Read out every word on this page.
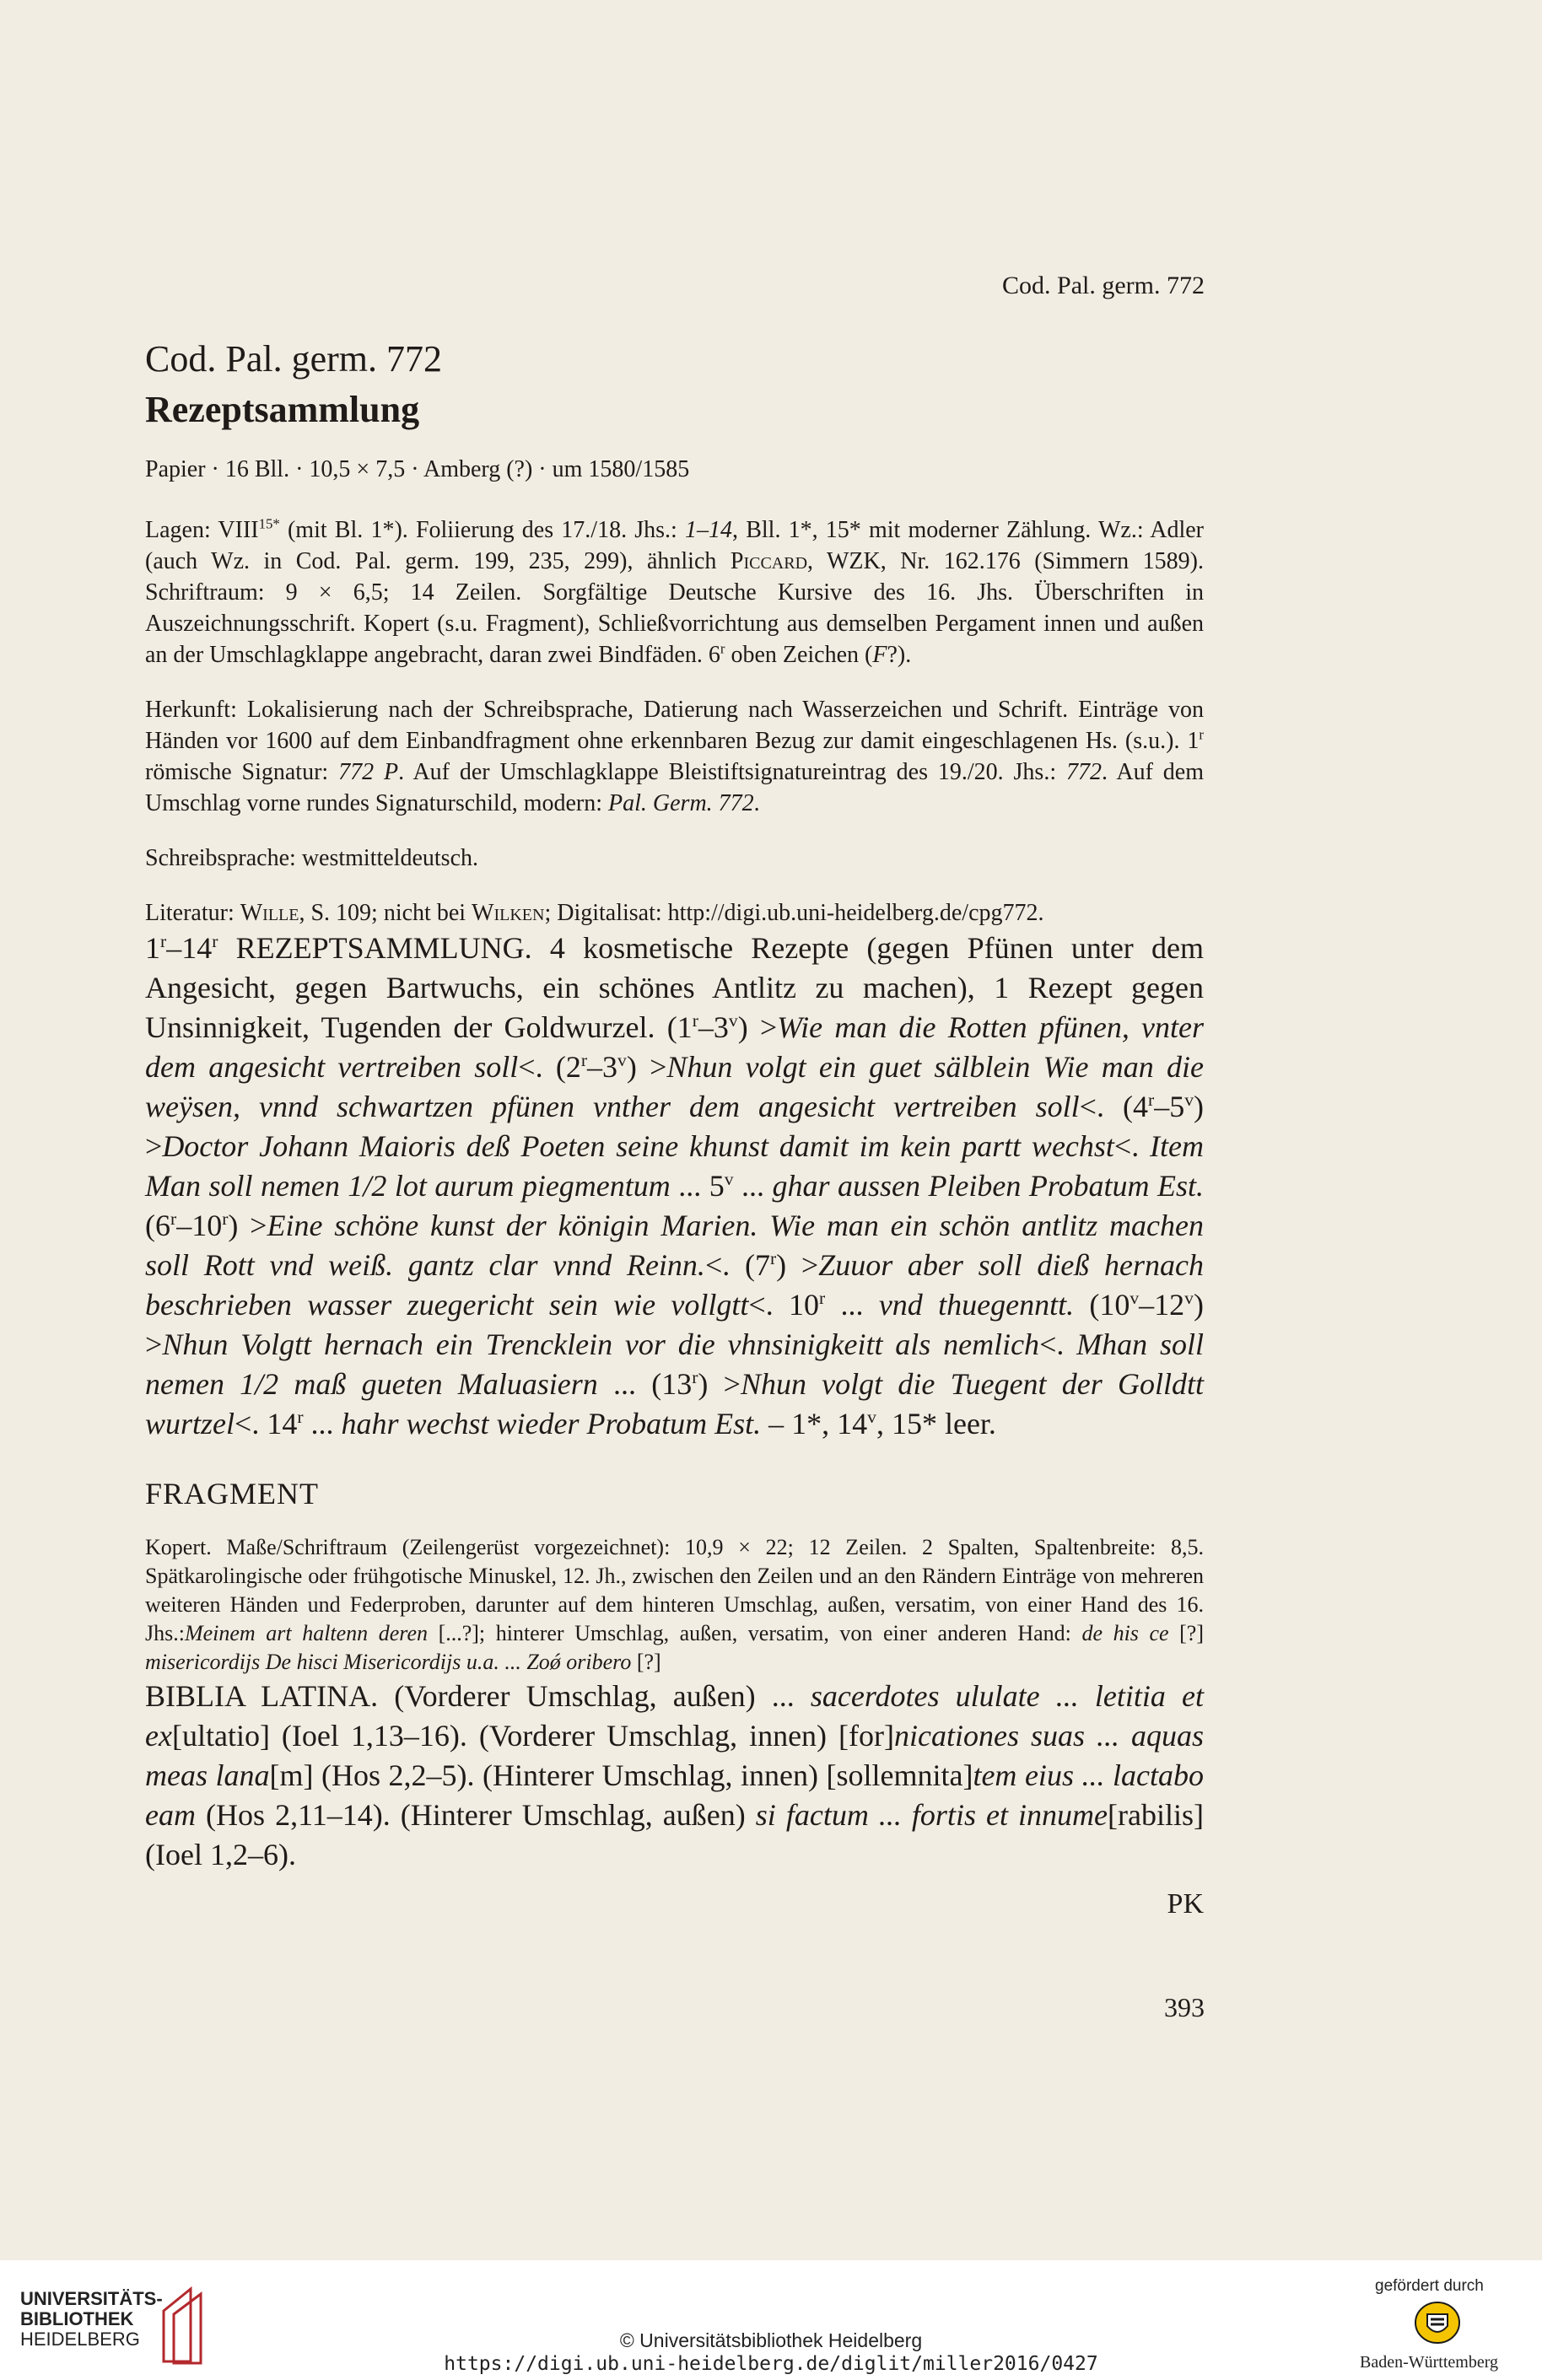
Cod. Pal. germ. 772

Cod. Pal. germ. 772

Rezeptsammlung

Papier · 16 Bll. · 10,5 × 7,5 · Amberg (?) · um 1580/1585

Lagen: $VIII^{15*}$ (mit Bl. 1*). Foliierung des 17./18. Jhs.: 1–14, Bll. 1*, 15* mit moderner Zählung. Wz.: Adler (auch Wz. in Cod. Pal. germ. 199, 235, 299), ähnlich Piccard, WZK, Nr. 162.176 (Simmern 1589). Schriftraum: 9 × 6,5; 14 Zeilen. Sorgfältige Deutsche Kursive des 16. Jhs. Überschriften in Auszeichnungsschrift. Kopert (s.u. Fragment), Schließvorrichtung aus demselben Pergament innen und außen an der Umschlagklappe angebracht, daran zwei Bindfäden. 6$^r$ oben Zeichen (F?).

Herkunft: Lokalisierung nach der Schreibsprache, Datierung nach Wasserzeichen und Schrift. Einträge von Händen vor 1600 auf dem Einbandfragment ohne erkennbaren Bezug zur damit eingeschlagenen Hs. (s.u.). 1$^r$ römische Signatur: 772 P. Auf der Umschlagklappe Bleistiftsignatureintrag des 19./20. Jhs.: 772. Auf dem Umschlag vorne rundes Signaturschild, modern: Pal. Germ. 772.

Schreibsprache: westmitteldeutsch.

Literatur: Wille, S. 109; nicht bei Wilken; Digitalisat: http://digi.ub.uni-heidelberg.de/cpg772.

1$^r$–14$^r$ REZEPTSAMMLUNG. 4 kosmetische Rezepte (gegen Pfünen unter dem Angesicht, gegen Bartwuchs, ein schönes Antlitz zu machen), 1 Rezept gegen Unsinnigkeit, Tugenden der Goldwurzel. $(1^r-3^v) >Wie$ man die Rotten pfünen, vnter dem angesicht vertreiben soll<. $(2^r-3^v)$ >Nhun volgt ein guet sälblein Wie man die weÿsen, vnnd schwartzen pfünen vnther dem angesicht vertreiben soll<. $(4^r-5^v)$ >Doctor Johann Maioris deß Poeten seine khunst damit im kein partt wechst<. Item Man soll nemen 1/2 lot aurum piegmentum ... 5$^v$ ... ghar aussen Pleiben Probatum Est. $(6^r-10^r)$ >Eine schöne kunst der königin Marien. Wie man ein schön antlitz machen soll Rott vnd weiß. gantz clar vnnd Reinn.<. $(7^r)$ >Zuuor aber soll dieß hernach beschrieben wasser zuegericht sein wie vollgtt<. 10$^r$ ... vnd thuegenntt. $(10^v-12^v)$ >Nhun Volgtt hernach ein Trencklein vor die vhnsinigkeitt als nemlich<. Mhan soll nemen 1/2 maß gueten Maluasiern ... $(13^r)$ >Nhun volgt die Tuegent der Golldtt wurtzel<. 14$^r$ ... hahr wechst wieder Probatum Est. – 1*, 14$^v$, 15* leer.

FRAGMENT

Kopert. Maße/Schriftraum (Zeilengerüst vorgezeichnet): 10,9 × 22; 12 Zeilen. 2 Spalten, Spaltenbreite: 8,5. Spätkarolingische oder frühgotische Minuskel, 12. Jh., zwischen den Zeilen und an den Rändern Einträge von mehreren weiteren Händen und Federproben, darunter auf dem hinteren Umschlag, außen, versatim, von einer Hand des 16. Jhs.:Meinem art haltenn deren [...?]; hinterer Umschlag, außen, versatim, von einer anderen Hand: de his ce [?] misericordijs De hisci Misericordijs u.a. ... Zoǿ oribero [?]

BIBLIA LATINA. (Vorderer Umschlag, außen) ... sacerdotes ululate ... letitia et ex[ultatio] (Ioel 1,13–16). (Vorderer Umschlag, innen) [for]nicationes suas ... aquas meas lana[m] (Hos 2,2–5). (Hinterer Umschlag, innen) [sollemnita]tem eius ... lactabo eam (Hos 2,11–14). (Hinterer Umschlag, außen) si factum ... fortis et innume[rabilis] (Ioel 1,2–6).

PK
393
UNIVERSITÄTS-
BIBLIOTHEK
HEIDELBERG	© Universitätsbibliothek Heidelberg
https://digi.ub.uni-heidelberg.de/diglit/miller2016/0427
gefördert durch
Baden-Württemberg
